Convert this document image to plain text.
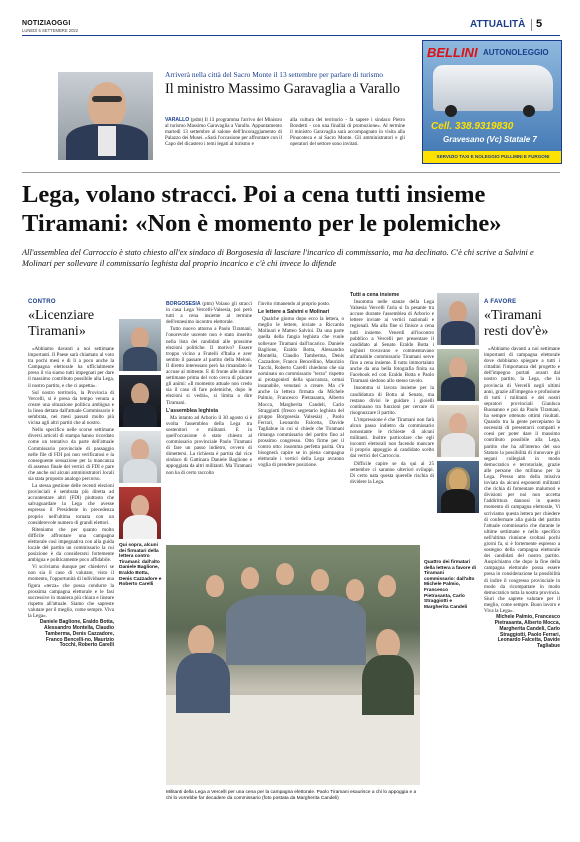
NOTIZIAOGGI
LUNEDÌ 5 SETTEMBRE 2022
ATTUALITÀ 5
Arriverà nella città del Sacro Monte il 13 settembre per parlare di turismo
Il ministro Massimo Garavaglia a Varallo
VARALLO (pdm) Il 13 programma l'arrivo del Ministro al turismo Massimo Garavaglia a Varallo. Appuntamento martedì 13 settembre al salone dell'Incoraggiamento di Palazzo dei Musei. «Sarà l'occasione per affrontare con il Capo del dicastero i temi legati al turismo e
alla cultura del territorio - fa sapere i sindaco Pietro Bondetti - con una finalità di promozione». Al termine il ministro Garavaglia sarà accompagnato in visita alla Pinacoteca e al Sacro Monte. Gli amministratori e gli operatori del settore sono invitati.
BELLINI AUTONOLEGGIO
Cell. 338.9319830
Gravesano (Vc) Statale 7
SERVIZIO TAXI E NOLEGGIO PULLMINI E FURGONI
Lega, volano stracci. Poi a cena tutti insieme Tiramani: «Non è momento per le polemiche»
All'assemblea del Carroccio è stato chiesto all'ex sindaco di Borgosesia di lasciare l'incarico di commissario, ma ha declinato. C'è chi scrive a Salvini e Molinari per sollevare il commissario leghista dal proprio incarico e c'è chi invece lo difende
CONTRO
«Licenziare Tiramani»

«Abbiamo davanti a noi settimane importanti. Il Paese sarà chiamato al voto tra pochi mesi e di lì a poco anche la Campagna elettorale ha ufficialmente preso il via siamo tutti impegnati per dare il massimo contributo possibile alla Lega, il nostro partito, e che ci aspetta».

Sul nostro territorio, la Provincia di Vercelli, si è presa da tempo venuta a creare una situazione politica ambigua e la linea dettata dall'attuale Commissario è sembrata, nei mesi passati molto più vicina agli altri partiti che al nostro.

Nello specifico nelle scorse settimane diversi articoli di stampa hanno ricordato come un tentativo da parte dell'attuale Commissario provinciale di passaggio nelle file di FDI poi non verificatosi e la conseguente sensazione per la mancanza di assenso finale dei vertici di FDI e pare che anche sul alcuni amministratori locali sia stata proposto analogo percorso.

La stessa gestione delle recenti elezioni provinciali è sembrata più diretta ad accontentare altri (FDI) piuttosto che salvaguardare la Lega che avesse espresso il Presidente in precedenza proprio nell'ultima tornata con un considerevole numero di grandi elettori.

Riteniamo che per quanto molto difficile affrontare una campagna elettorale così impegnativa con alla guida locale del partito un commissario la cui posizione è da considerarsi fortemente ambigua e politicamente poco affidabile.

Vi scriviamo dunque per chiedervi se non sia il caso di valutare, visto il momento, l'opportunità di individuare una figura «terza» che possa condurre la prossima campagna elettorale e le fasi successive in maniera più chiara e lineare rispetto all'attuale. Siamo che sapreste valutare per il meglio, come sempre. Viva la Lega».

Daniele Baglione, Eraldo Botta, Alessandro Montella, Claudio Tamberma, Denis Cazzadore, Franco Bencelli-no, Maurizio Tocchi, Roberto Carelli
Qui sopra, alcuni dei firmatari della lettera contro Tiramani: dall'alto Daniele Baglione, Eraldo Botta, Denis Cazzadore e Roberto Carelli

BORGOSESIA (ptm) Volano gli stracci in casa Lega Vercelli-Valsesia, poi però tutti a cena insieme al termine dell'ennesimo incontro elettorale.

Tutto nuovo attorno a Paolo Tiramani, l'onorevole uscente non è stato inserito nella lista dei candidati alle prossime elezioni politiche. Il motivo? Essere troppo vicino a Fratelli d'Italia e aver sentito il passare al partito della Meloni. Il diretto interessato però ha rimandato le accuse al mittente. E di fronte alle ultime settimane prima del voto cerca di placare gli animi: «Il momento attuale non credo sia il caso di fare polemiche, dopo le elezioni si vedrà», si limita a dire Tiramani.

L'assemblea leghista

Ma intanto ad Arborio il 30 agosto si è svolta l'assemblea della Lega tra sostenitori e militanti. E in quell'occasione è stato chiesto al commissario provinciale Paolo Tiramani di fare un passo indietro, ovvero di dimettersi. La richiesta è partita dal vice sindaco di Gattinara Daniele Baglione e appoggiata da altri militanti. Ma Tiramani non ha di certo raccolto

l'invito rimanendo al proprio posto.

Le lettere a Salvini e Molinari

Qualche giorno dopo ecco la lettera, o meglio le lettere, inviate a Riccardo Molinari e Matteo Salvini. Da una parte quella della fangia leghista che vuole sollevare Tiramani dall'incarico. Daniele Baglione, Eraldo Botta, Alessandro Montella, Claudio Tamberma, Denis Cazzadore, Franco Bencellino, Maurizio Tacchi, Roberto Carelli chiedono che sia nominato un commissario "terzo" rispetto ai protagonisti della spaccatura, ormai insanabile, venutasi a creare. Ma c'è anche la lettera firmata da Michele Palmio, Francesco Pietrasanta, Alberto Mocca, Margherita Candeli, Carlo Straggiotti (fresco segretario leghista del gruppo Borgosesia Valsesia) , Paolo Ferrari, Leonardo Falcetta, Davide Tagliabue in cui si chiede che Tiramani rimanga commissario del partito fino al prossimo congresso. Otto firme per il contro otto: insomma perfetta parità. Ora bisognerà capire se in piena campagna elettorale i vertici della Lega avranno voglia di prendere posizione.

Tutti a cena insieme

Insomma nelle stanze della Lega Valsesia Vercelli l'aria si fa pesante tra accuse durante l'assemblea di Arborio e lettere inviate ai vertici nazionali e regionali. Ma alla fine si finisce a cena tutti insieme. Venerdì all'incontro pubblico a Vercelli per presentare il candidato al Senato Eraldo Botta i leghisti trovavano e commentavano all'amabile commissario Tiramani serve fino a cena insieme. Il tutto immortalato anche da una bella fotografia finita su Facebook ed con Eraldo Botta e Paolo Tiramani siedono allo stesso tavolo.

Insomma si lavora insieme per la candidatura di Botta al Senato, ma restano divisi le guidare i gioielli continuano tra funzioni per cercare di risognuzzare il partito.

L'impressione è che Tiramani non farà alcun passo indietro da commissario nonostante le richieste di alcuni militanti. Inoltre particolare che egli incontri elettorali non facendo mancare il proprio appoggio al candidato scelto dai vertici del Carroccio.

Difficile capire se da qui al 25 settembre ci saranno ulteriori sviluppi. Di certo nata questa querelle rischia di dividere la Lega.

Militanti della Lega a Vercelli per una cena per la campagna elettorale. Paolo Tiramani esaurisce a chi lo appoggia e a chi lo vorrebbe far decadere da commissario (foto postata da Margherita Candeli)
Quattro dei firmatari della lettera a favore di Tiramani commissario: dall'alto Michele Palmio, Francesco Pietrasanta, Carlo Straggiotti e Margherita Candeli
A FAVORE
«Tiramani resti dov'è»

«Abbiamo davanti a noi settimane importanti di campagna elettorale dove dobbiamo spiegare a tutti i cittadini l'importanza del progetto e dell'impegno portati avanti dal nostro partito, la Lega, che in provincia di Vercelli negli ultimi anni, grazie all'impegno e profusione di tutti i militanti e dei nostri sepratori provinciali Gianluca Buonanno e poi da Paolo Tiramani, ha sempre ottenuto ottimi risultati. Quando tra la gente percepiamo la necessità di presentarci compatti e coesi per poter dare il massimo contributo possibile alla Lega, partito che ha all'interno del suo Statuto la possibilità di riunovare gli segani collegiali in modo democratico e terrotoriale, grazie alle persone che militano per la Lega. Presso atto della missiva inviata da alcuni esponenti militanti che richia di fomentare malumori e divisioni per noi non accetta l'addirittura dannosi in questo momento di campagna elettorale, Vi scriviamo questa lettera per chiedere di confermare alla guida del partito l'attuale commissario che durante le ultime settimane e nello specifico nell'ultima riunione svoltasi pochi giorni fa, si è fortemente espresso a sostegno della campagna elettorale dei candidati del nostro partito. Auspichiamo che dopo la fine della campagna elettorale possa essere presa in considerazione la possibilità di indire il congresso provinciale in modo da ricompattare in modo democratico tutta la nostra provincia. Siuri che saprete valutare per il meglio, come sempre. Buon lavoro e Viva la Lega».

Michele Palmio, Francesco Pietrasanta, Alberto Mocca, Margherita Candeli, Carlo Straggiotti, Paolo Ferrari, Leonardo Falcetta, Davide Tagliabue
